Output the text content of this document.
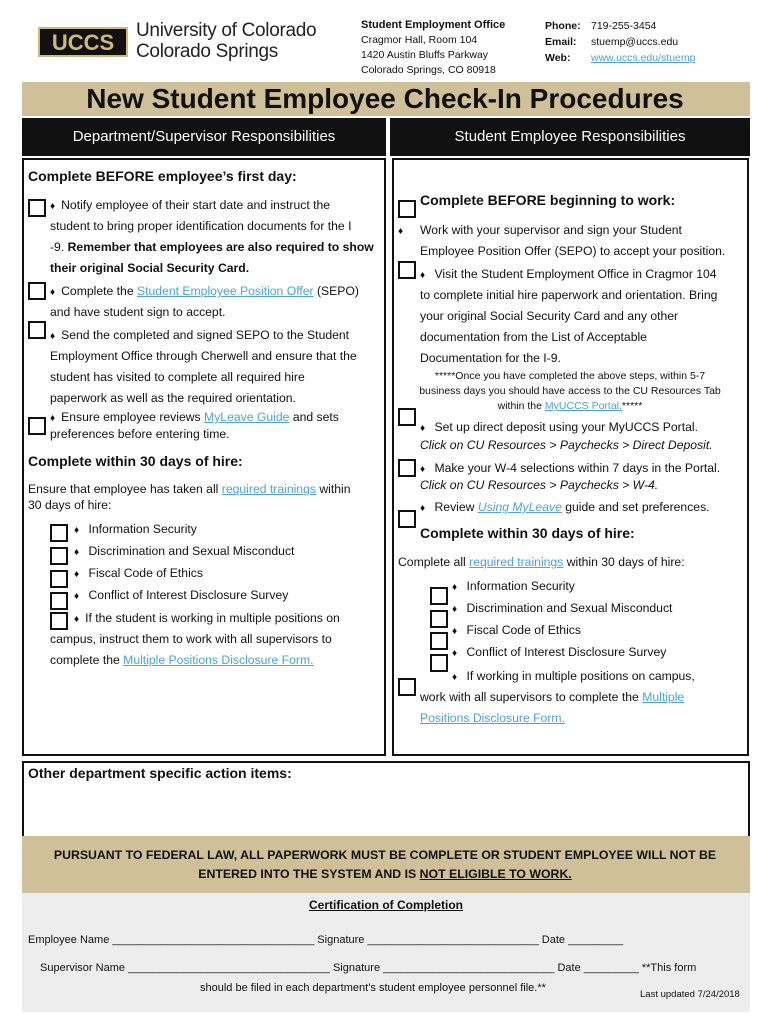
UCCS University of Colorado
Colorado Springs
Student Employment Office
Cragmor Hall, Room 104
1420 Austin Bluffs Parkway
Colorado Springs, CO 80918
Phone: 719-255-3454
Email: stuemp@uccs.edu
Web: www.uccs.edu/stuemp
New Student Employee Check-In Procedures
Department/Supervisor Responsibilities	Student Employee Responsibilities
Complete BEFORE employee’s first day:
♦ Notify employee of their start date and instruct the
student to bring proper identification documents for the I
-9. Remember that employees are also required to show
their original Social Security Card.
♦ Complete the Student Employee Position Offer (SEPO)
and have student sign to accept.
♦ Send the completed and signed SEPO to the Student
Employment Office through Cherwell and ensure that the
student has visited to complete all required hire
paperwork as well as the required orientation.
♦ Ensure employee reviews MyLeave Guide and sets
preferences before entering time.
Complete within 30 days of hire:
Ensure that employee has taken all required trainings within
30 days of hire:
♦ Information Security
♦ Discrimination and Sexual Misconduct
♦ Fiscal Code of Ethics
♦ Conflict of Interest Disclosure Survey
♦ If the student is working in multiple positions on
campus, instruct them to work with all supervisors to
complete the Multiple Positions Disclosure Form.
Complete BEFORE beginning to work:
♦	Work with your supervisor and sign your Student
Employee Position Offer (SEPO) to accept your position.
♦ Visit the Student Employment Office in Cragmor 104
to complete initial hire paperwork and orientation. Bring
your original Social Security Card and any other
documentation from the List of Acceptable
Documentation for the I-9.
*****Once you have completed the above steps, within 5-7
business days you should have access to the CU Resources Tab
within the MyUCCS Portal.*****
♦ Set up direct deposit using your MyUCCS Portal.
Click on CU Resources > Paychecks > Direct Deposit.
♦ Make your W-4 selections within 7 days in the Portal.
Click on CU Resources > Paychecks > W-4.
♦ Review Using MyLeave guide and set preferences.
Complete within 30 days of hire:
Complete all required trainings within 30 days of hire:
♦ Information Security
♦ Discrimination and Sexual Misconduct
♦ Fiscal Code of Ethics
♦ Conflict of Interest Disclosure Survey
♦ If working in multiple positions on campus,
work with all supervisors to complete the Multiple
Positions Disclosure Form.
Other department specific action items:
PURSUANT TO FEDERAL LAW, ALL PAPERWORK MUST BE COMPLETE OR STUDENT EMPLOYEE WILL NOT BE
ENTERED INTO THE SYSTEM AND IS NOT ELIGIBLE TO WORK.
Certification of Completion
Employee Name _________________________________ Signature ____________________________ Date _________
Supervisor Name _________________________________ Signature ____________________________ Date _________ **This form
should be filed in each department’s student employee personnel file.**
Last updated 7/24/2018
